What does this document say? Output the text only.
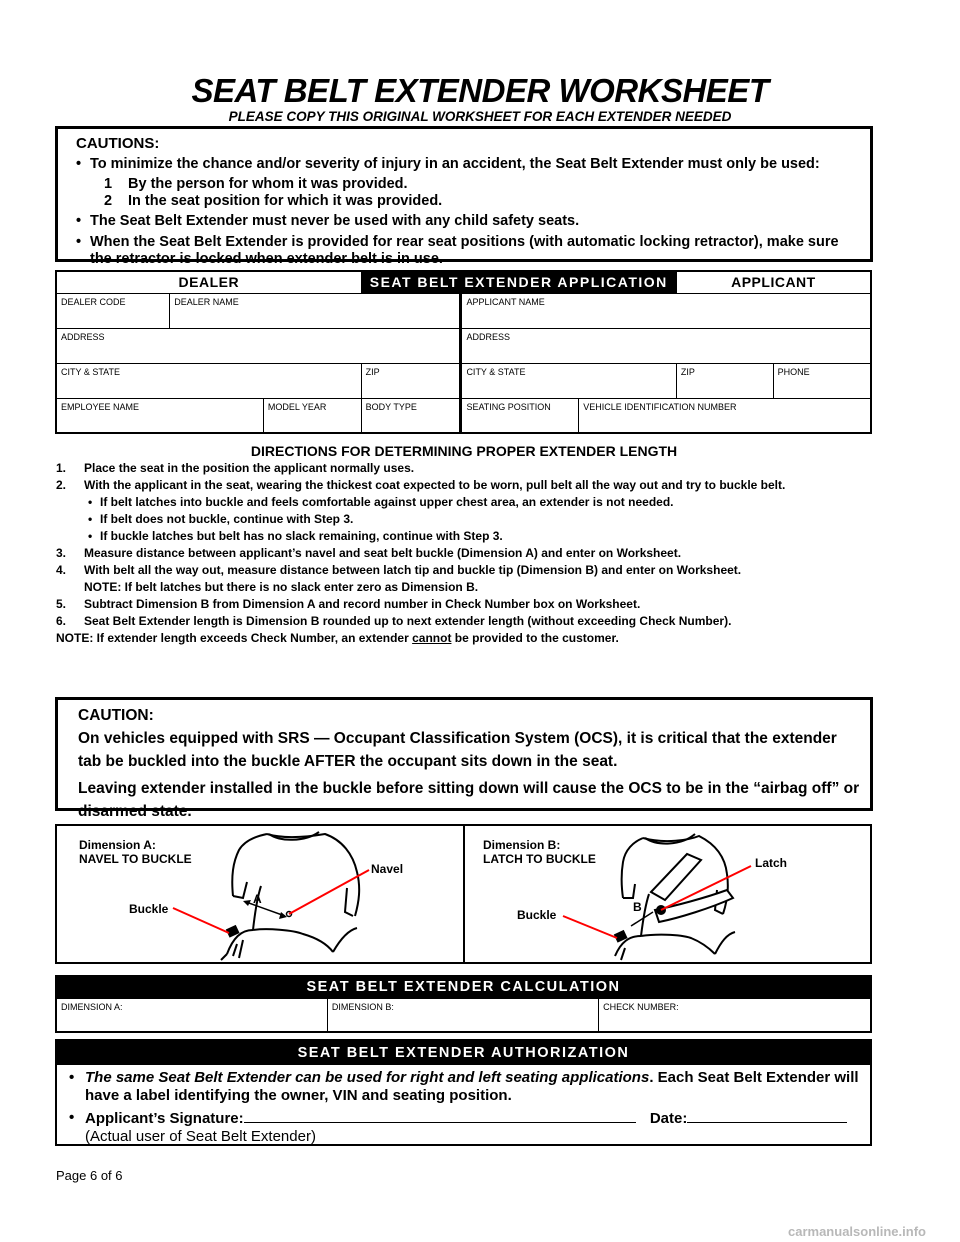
SEAT BELT EXTENDER WORKSHEET
PLEASE COPY THIS ORIGINAL WORKSHEET FOR EACH EXTENDER NEEDED
CAUTIONS:
• To minimize the chance and/or severity of injury in an accident, the Seat Belt Extender must only be used:
1 By the person for whom it was provided.
2 In the seat position for which it was provided.
• The Seat Belt Extender must never be used with any child safety seats.
• When the Seat Belt Extender is provided for rear seat positions (with automatic locking retractor), make sure the retractor is locked when extender belt is in use.
DEALER			SEAT BELT EXTENDER APPLICATION			APPLICANT	
DEALER CODE	DEALER NAME			APPLICANT NAME			
ADDRESS				ADDRESS			
CITY & STATE			ZIP	CITY & STATE		ZIP	PHONE
EMPLOYEE NAME		MODEL YEAR	BODY TYPE	SEATING POSITION	VEHICLE IDENTIFICATION NUMBER		
DIRECTIONS FOR DETERMINING PROPER EXTENDER LENGTH
1. Place the seat in the position the applicant normally uses.
2. With the applicant in the seat, wearing the thickest coat expected to be worn, pull belt all the way out and try to buckle belt.
• If belt latches into buckle and feels comfortable against upper chest area, an extender is not needed.
• If belt does not buckle, continue with Step 3.
• If buckle latches but belt has no slack remaining, continue with Step 3.
3. Measure distance between applicant’s navel and seat belt buckle (Dimension A) and enter on Worksheet.
4. With belt all the way out, measure distance between latch tip and buckle tip (Dimension B) and enter on Worksheet.
NOTE: If belt latches but there is no slack enter zero as Dimension B.
5. Subtract Dimension B from Dimension A and record number in Check Number box on Worksheet.
6. Seat Belt Extender length is Dimension B rounded up to next extender length (without exceeding Check Number).
NOTE: If extender length exceeds Check Number, an extender cannot be provided to the customer.
CAUTION:
On vehicles equipped with SRS — Occupant Classification System (OCS), it is critical that the extender tab be buckled into the buckle AFTER the occupant sits down in the seat.
Leaving extender installed in the buckle before sitting down will cause the OCS to be in the “airbag off” or disarmed state.
Dimension A:
NAVEL TO BUCKLE
Navel
Buckle
A
Dimension B:
LATCH TO BUCKLE	Latch
Buckle
B
SEAT BELT EXTENDER CALCULATION
DIMENSION A:	DIMENSION B:	CHECK NUMBER:
SEAT BELT EXTENDER AUTHORIZATION
• The same Seat Belt Extender can be used for right and left seating applications. Each Seat Belt Extender will have a label identifying the owner, VIN and seating position.
• Applicant’s Signature:	Date:
(Actual user of Seat Belt Extender)
Page 6 of 6
carmanualsonline.info
